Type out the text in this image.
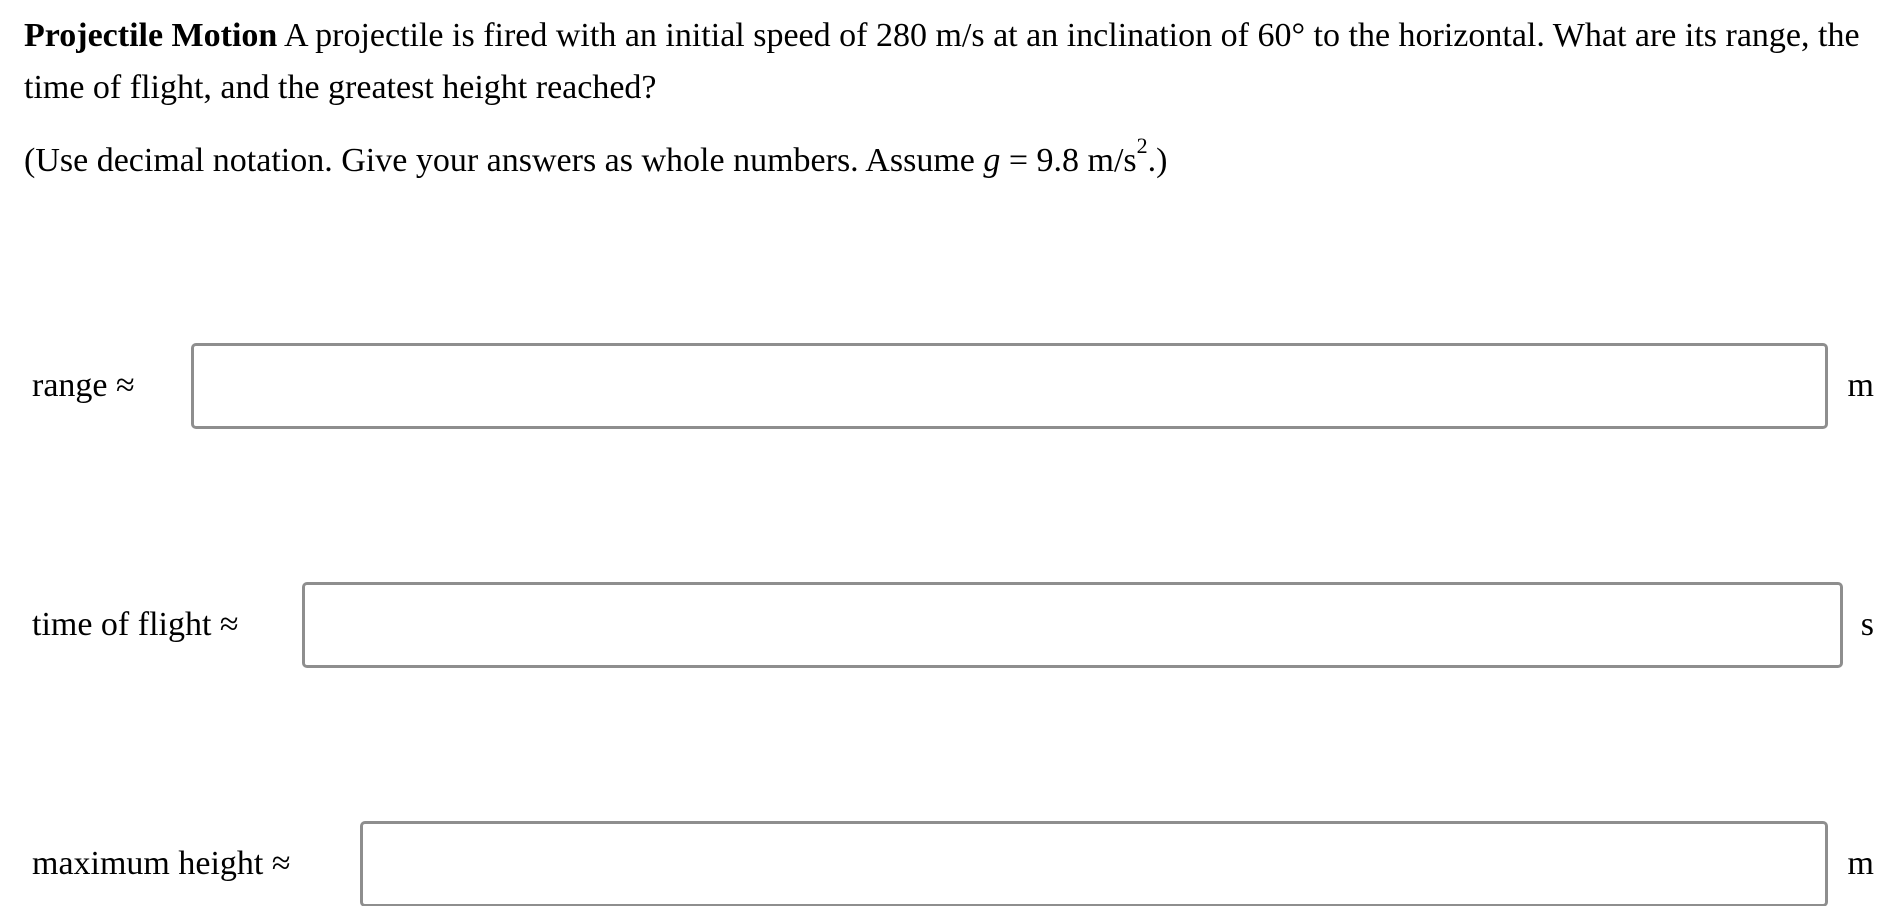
Projectile Motion A projectile is fired with an initial speed of 280 m/s at an inclination of 60° to the horizontal. What are its range, the time of flight, and the greatest height reached?

(Use decimal notation. Give your answers as whole numbers. Assume g = 9.8 $m/s^2$.)

range ≈	m
time of flight ≈	s
maximum height ≈	m
